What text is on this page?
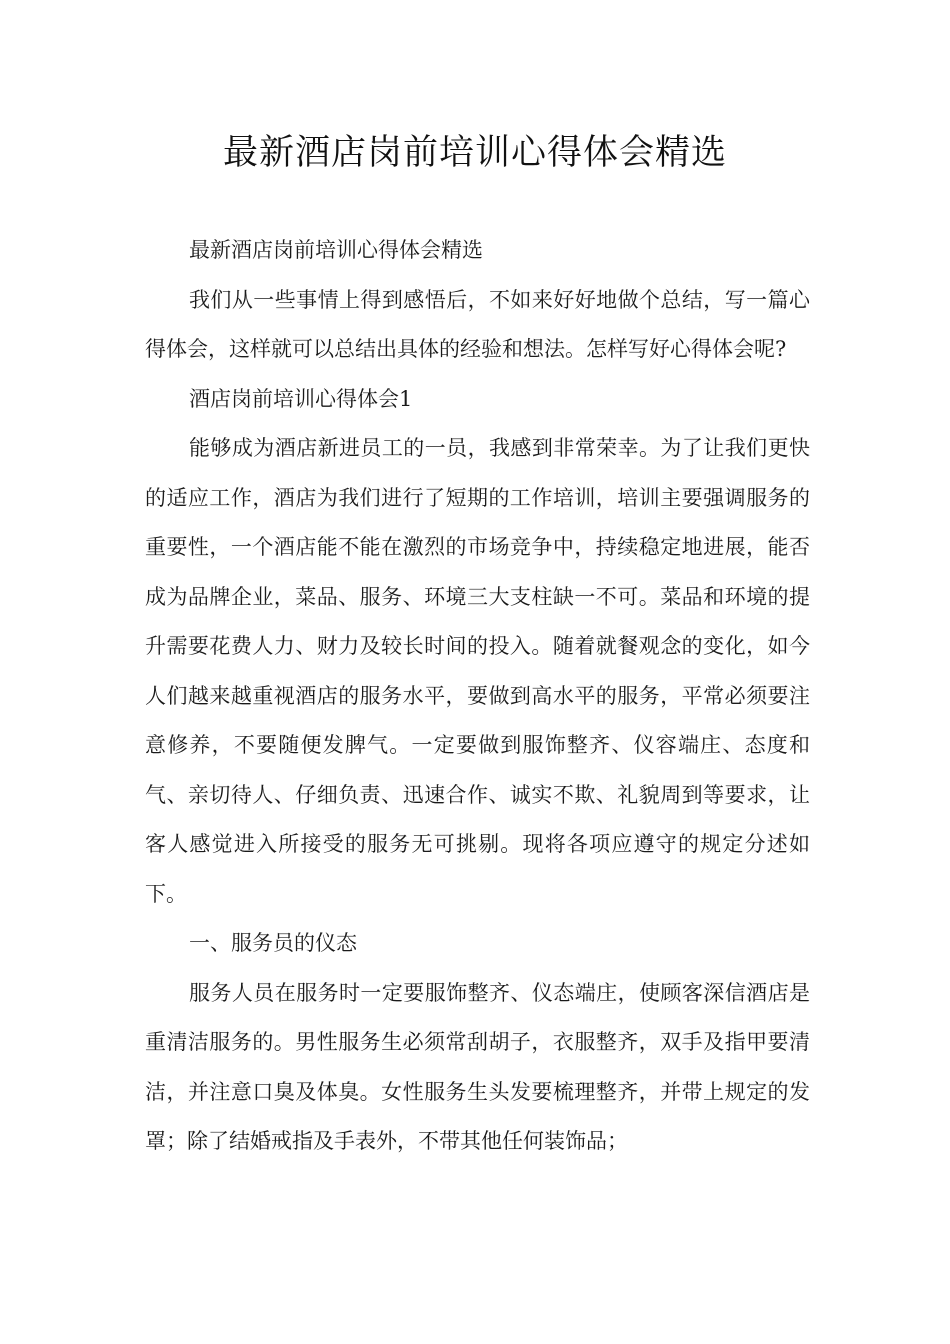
最新酒店岗前培训心得体会精选

最新酒店岗前培训心得体会精选

我们从一些事情上得到感悟后，不如来好好地做个总结，写一篇心得体会，这样就可以总结出具体的经验和想法。怎样写好心得体会呢?

酒店岗前培训心得体会1

能够成为酒店新进员工的一员，我感到非常荣幸。为了让我们更快的适应工作，酒店为我们进行了短期的工作培训，培训主要强调服务的重要性，一个酒店能不能在激烈的市场竞争中，持续稳定地进展，能否成为品牌企业，菜品、服务、环境三大支柱缺一不可。菜品和环境的提升需要花费人力、财力及较长时间的投入。随着就餐观念的变化，如今人们越来越重视酒店的服务水平，要做到高水平的服务，平常必须要注意修养，不要随便发脾气。一定要做到服饰整齐、仪容端庄、态度和气、亲切待人、仔细负责、迅速合作、诚实不欺、礼貌周到等要求，让客人感觉进入所接受的服务无可挑剔。现将各项应遵守的规定分述如下。

一、服务员的仪态

服务人员在服务时一定要服饰整齐、仪态端庄，使顾客深信酒店是重清洁服务的。男性服务生必须常刮胡子，衣服整齐，双手及指甲要清洁，并注意口臭及体臭。女性服务生头发要梳理整齐，并带上规定的发罩；除了结婚戒指及手表外，不带其他任何装饰品；
